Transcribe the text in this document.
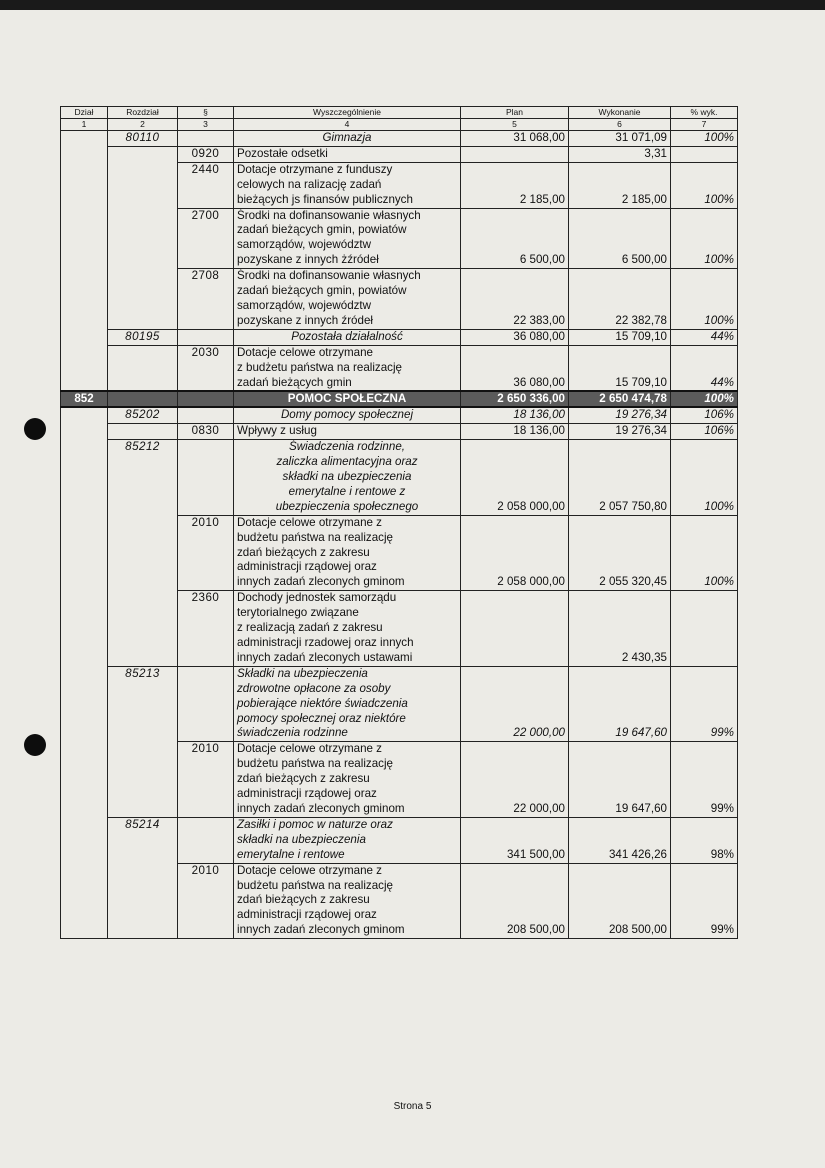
Dział	Rozdział	§	Wyszczególnienie	Plan	Wykonanie	% wyk.
1	2	3	4	5	6	7
	80110		Gimnazja	31 068,00	31 071,09	100%
		0920	Pozostałe odsetki		3,31	
		2440	Dotacje otrzymane z funduszy
celowych na ralizację zadań
bieżących js finansów publicznych	2 185,00	2 185,00	100%
		2700	Środki na dofinansowanie własnych
zadań bieżących gmin, powiatów
samorządów, województw
pozyskane z innych żźródeł	6 500,00	6 500,00	100%
		2708	Środki na dofinansowanie własnych
zadań bieżących gmin, powiatów
samorządów, województw
pozyskane z innych źródeł	22 383,00	22 382,78	100%
	80195		Pozostała działalność	36 080,00	15 709,10	44%
		2030	Dotacje celowe otrzymane
z budżetu państwa na realizację
zadań bieżących gmin	36 080,00	15 709,10	44%
852			POMOC SPOŁECZNA	2 650 336,00	2 650 474,78	100%
	85202		Domy pomocy społecznej	18 136,00	19 276,34	106%
		0830	Wpływy z usług	18 136,00	19 276,34	106%
	85212		Świadczenia rodzinne,
zaliczka alimentacyjna oraz
składki na ubezpieczenia
emerytalne i rentowe z
ubezpieczenia społecznego	2 058 000,00	2 057 750,80	100%
		2010	Dotacje celowe otrzymane z
budżetu państwa na realizację
zdań bieżących z zakresu
administracji rządowej oraz
innych zadań zleconych gminom	2 058 000,00	2 055 320,45	100%
		2360	Dochody jednostek samorządu
terytorialnego związane
z realizacją zadań z zakresu
administracji rzadowej oraz innych
innych zadań zleconych ustawami		2 430,35	
	85213		Składki na ubezpieczenia
zdrowotne opłacone za osoby
pobierające niektóre świadczenia
pomocy społecznej oraz niektóre
świadczenia rodzinne	22 000,00	19 647,60	99%
		2010	Dotacje celowe otrzymane z
budżetu państwa na realizację
zdań bieżących z zakresu
administracji rządowej oraz
innych zadań zleconych gminom	22 000,00	19 647,60	99%
	85214		Zasiłki i pomoc w naturze oraz
składki na ubezpieczenia
emerytalne i rentowe	341 500,00	341 426,26	98%
		2010	Dotacje celowe otrzymane z
budżetu państwa na realizację
zdań bieżących z zakresu
administracji rządowej oraz
innych zadań zleconych gminom	208 500,00	208 500,00	99%
Strona 5
